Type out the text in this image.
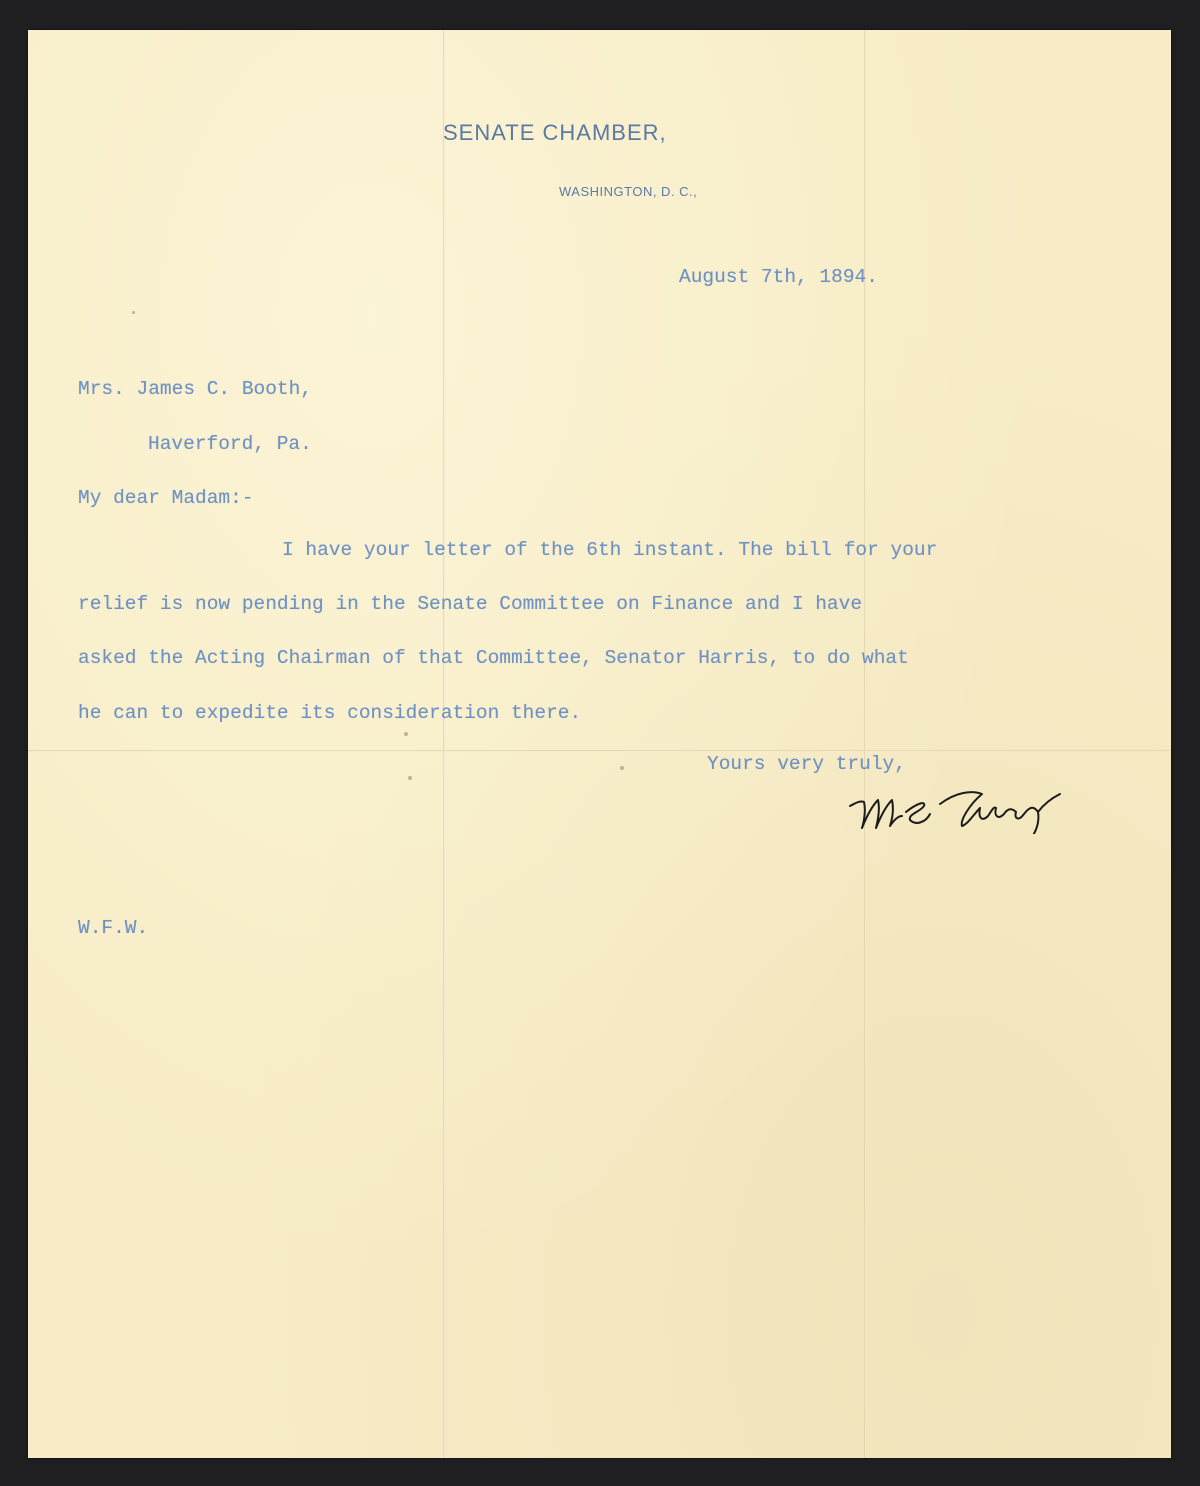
SENATE CHAMBER,
WASHINGTON, D. C.,
August 7th, 1894.
Mrs. James C. Booth,
Haverford, Pa.
My dear Madam:-
I have your letter of the 6th instant. The bill for your
relief is now pending in the Senate Committee on Finance and I have
asked the Acting Chairman of that Committee, Senator Harris, to do what
he can to expedite its consideration there.
Yours very truly,
W.F.W.
